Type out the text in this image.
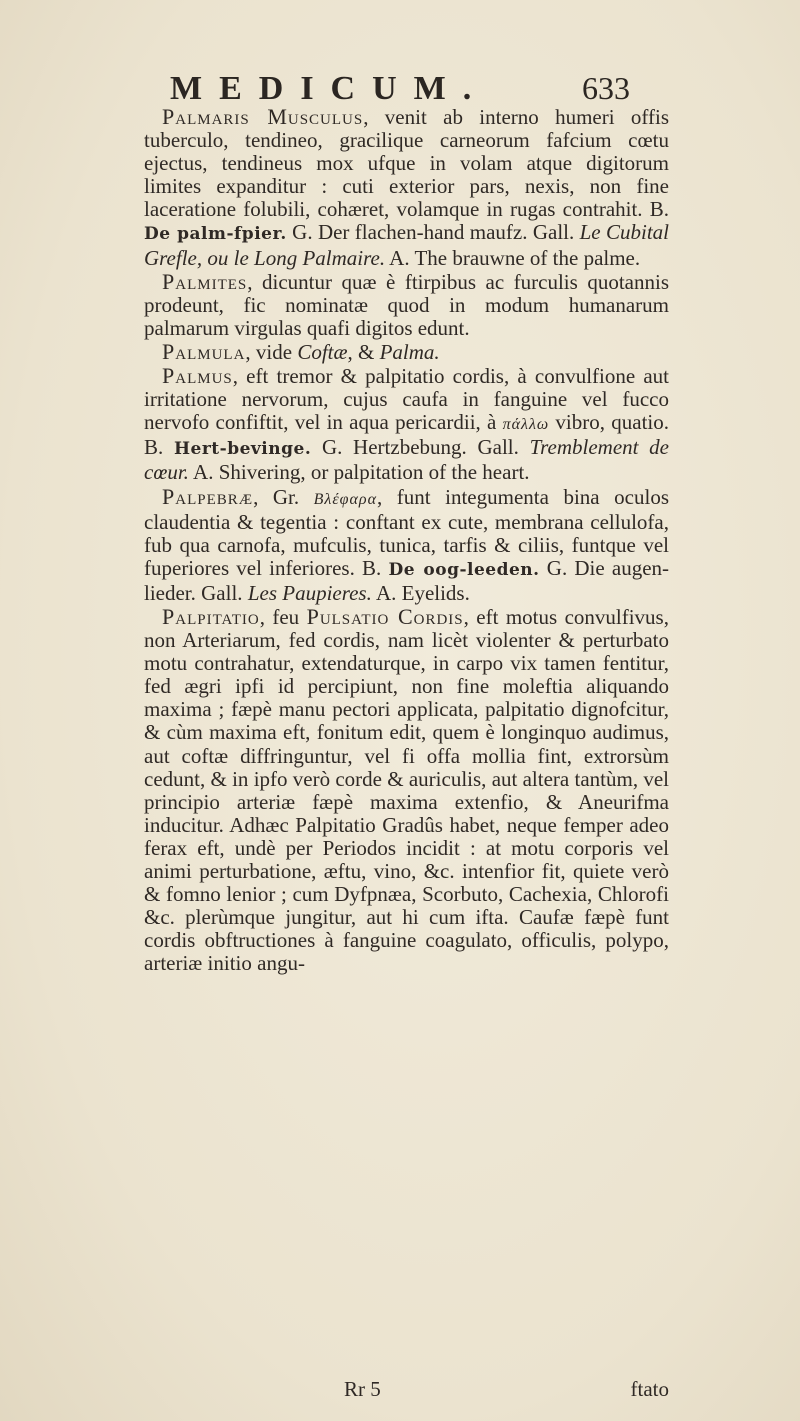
MEDICUM.	633

Palmaris Musculus, venit ab interno humeri offis tuberculo, tendineo, gracilique carneorum fafcium cœtu ejectus, tendineus mox ufque in volam atque digitorum limites expanditur : cuti exterior pars, nexis, non fine laceratione folubili, cohæret, volamque in rugas contrahit. B. De palm-fpier. G. Der flachen-hand maufz. Gall. Le Cubital Grefle, ou le Long Palmaire. A. The brauwne of the palme.

Palmites, dicuntur quæ è ftirpibus ac furculis quotannis prodeunt, fic nominatæ quod in modum humanarum palmarum virgulas quafi digitos edunt.

Palmula, vide Coftæ, & Palma.

Palmus, eft tremor & palpitatio cordis, à convulfione aut irritatione nervorum, cujus caufa in fanguine vel fucco nervofo confiftit, vel in aqua pericardii, à πάλλω vibro, quatio. B. Hert-bevinge. G. Hertzbebung. Gall. Tremblement de cœur. A. Shivering, or palpitation of the heart.

Palpebræ, Gr. Βλέφαρα, funt integumenta bina oculos claudentia & tegentia : conftant ex cute, membrana cellulofa, fub qua carnofa, mufculis, tunica, tarfis & ciliis, funtque vel fuperiores vel inferiores. B. De oog-leeden. G. Die augen-lieder. Gall. Les Paupieres. A. Eyelids.

Palpitatio, feu Pulsatio Cordis, eft motus convulfivus, non Arteriarum, fed cordis, nam licèt violenter & perturbato motu contrahatur, extendaturque, in carpo vix tamen fentitur, fed ægri ipfi id percipiunt, non fine moleftia aliquando maxima ; fæpè manu pectori applicata, palpitatio dignofcitur, & cùm maxima eft, fonitum edit, quem è longinquo audimus, aut coftæ diffringuntur, vel fi offa mollia fint, extrorsùm cedunt, & in ipfo verò corde & auriculis, aut altera tantùm, vel principio arteriæ fæpè maxima extenfio, & Aneurifma inducitur. Adhæc Palpitatio Gradûs habet, neque femper adeo ferax eft, undè per Periodos incidit : at motu corporis vel animi perturbatione, æftu, vino, &c. intenfior fit, quiete verò & fomno lenior ; cum Dyfpnæa, Scorbuto, Cachexia, Chlorofi &c. plerùmque jungitur, aut hi cum ifta. Caufæ fæpè funt cordis obftructiones à fanguine coagulato, officulis, polypo, arteriæ initio angu-

Rr 5	ftato
